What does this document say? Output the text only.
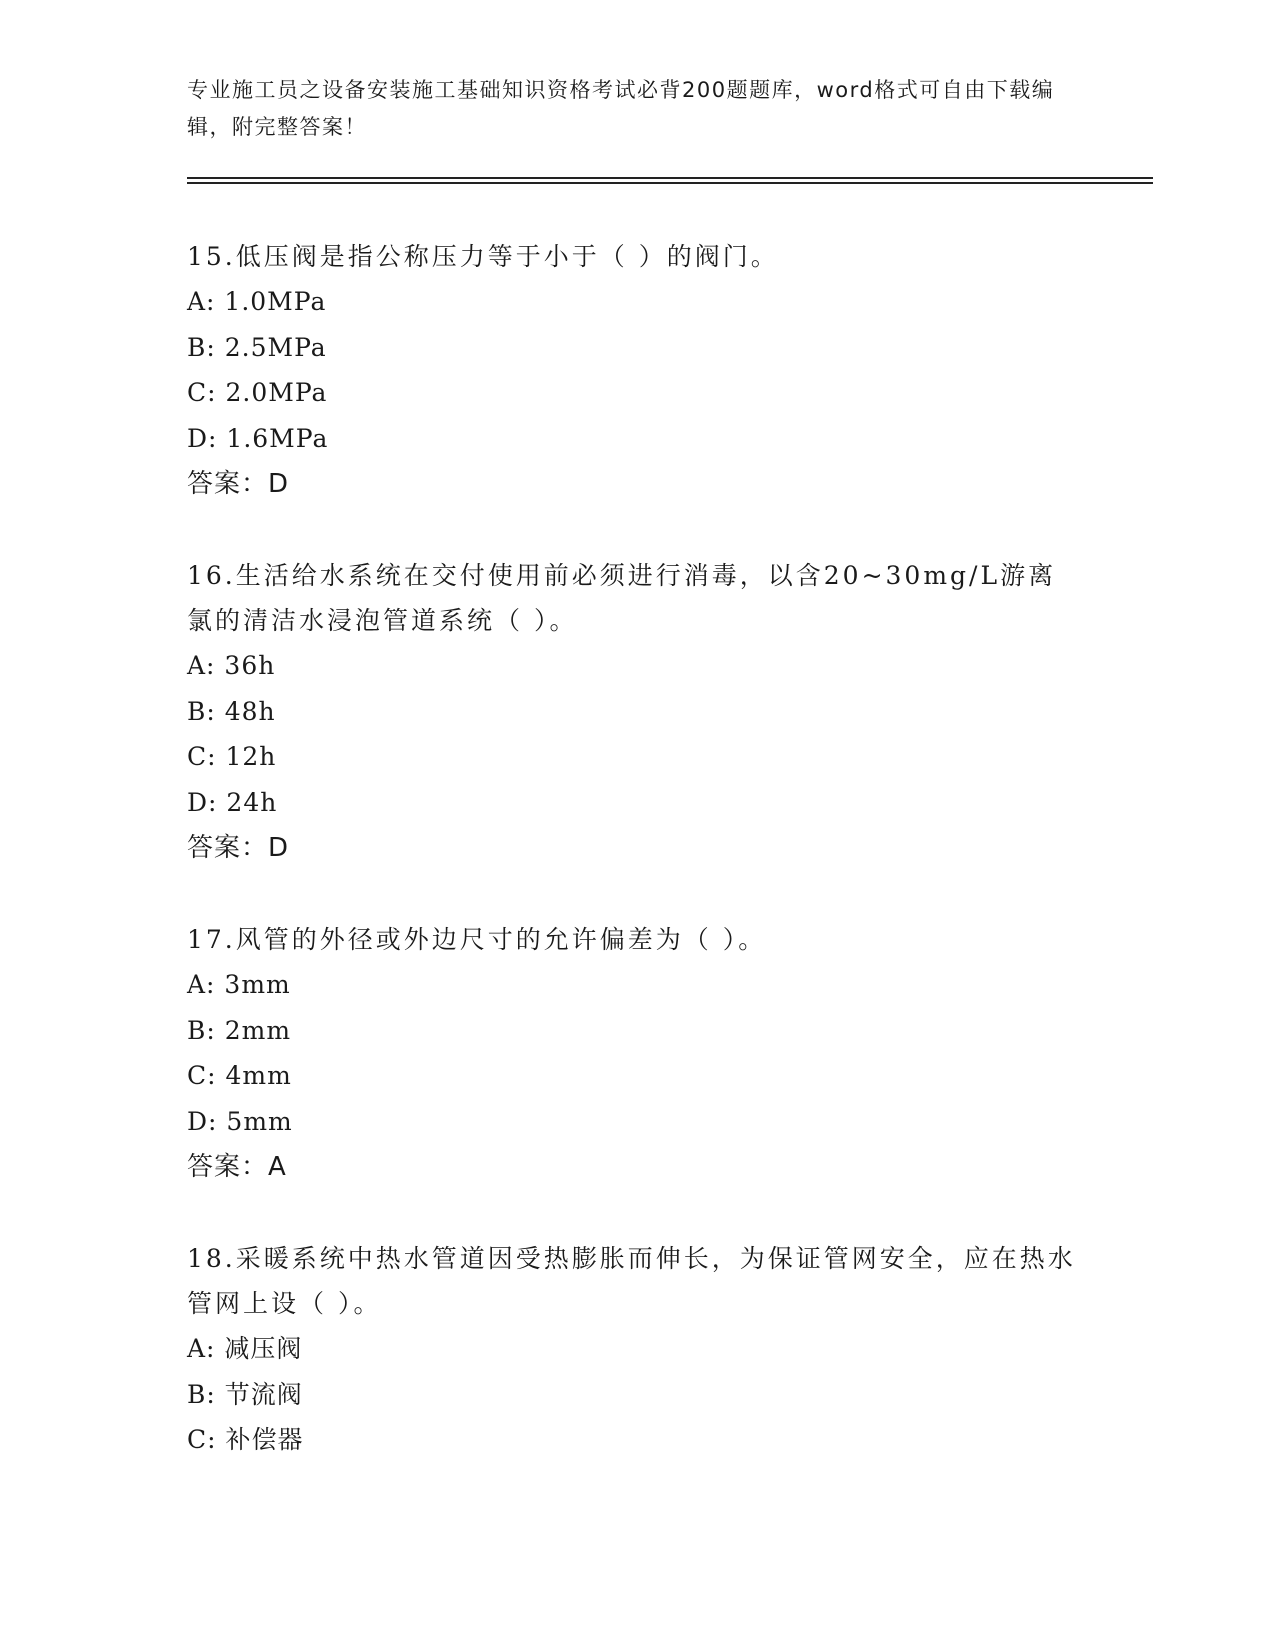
专业施工员之设备安装施工基础知识资格考试必背200题题库，word格式可自由下载编辑，附完整答案！
15.低压阀是指公称压力等于小于（ ）的阀门。
A: 1.0MPa
B: 2.5MPa
C: 2.0MPa
D: 1.6MPa
答案：D
16.生活给水系统在交付使用前必须进行消毒，以含20~30mg/L游离氯的清洁水浸泡管道系统（ ）。
A: 36h
B: 48h
C: 12h
D: 24h
答案：D
17.风管的外径或外边尺寸的允许偏差为（ ）。
A: 3mm
B: 2mm
C: 4mm
D: 5mm
答案：A
18.采暖系统中热水管道因受热膨胀而伸长，为保证管网安全，应在热水管网上设（ ）。
A: 减压阀
B: 节流阀
C: 补偿器
